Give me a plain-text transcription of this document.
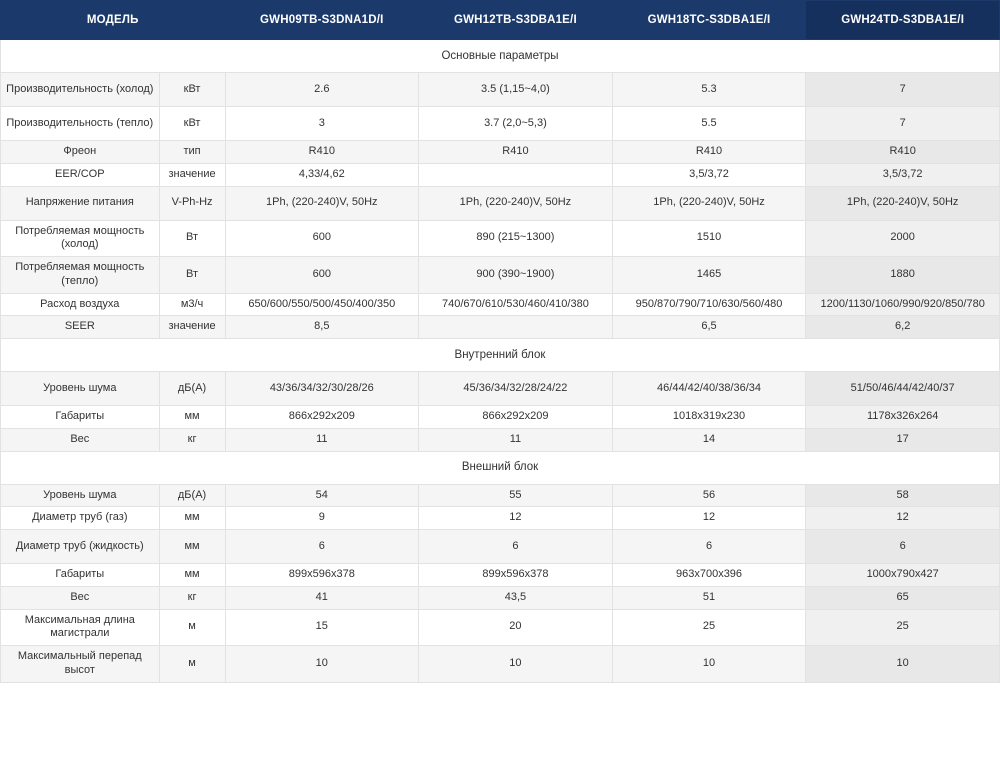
МОДЕЛЬ		GWH09TB-S3DNA1D/I	GWH12TB-S3DBA1E/I	GWH18TC-S3DBA1E/I	GWH24TD-S3DBA1E/I
Основные параметры					
Производительность (холод)	кВт	2.6	3.5 (1,15~4,0)	5.3	7
Производительность (тепло)	кВт	3	3.7 (2,0~5,3)	5.5	7
Фреон	тип	R410	R410	R410	R410
EER/COP	значение	4,33/4,62		3,5/3,72	3,5/3,72
Напряжение питания	V-Ph-Hz	1Ph, (220-240)V, 50Hz	1Ph, (220-240)V, 50Hz	1Ph, (220-240)V, 50Hz	1Ph, (220-240)V, 50Hz
Потребляемая мощность (холод)	Вт	600	890 (215~1300)	1510	2000
Потребляемая мощность (тепло)	Вт	600	900 (390~1900)	1465	1880
Расход воздуха	м3/ч	650/600/550/500/450/400/350	740/670/610/530/460/410/380	950/870/790/710/630/560/480	1200/1130/1060/990/920/850/780
SEER	значение	8,5		6,5	6,2
Внутренний блок					
Уровень шума	дБ(А)	43/36/34/32/30/28/26	45/36/34/32/28/24/22	46/44/42/40/38/36/34	51/50/46/44/42/40/37
Габариты	мм	866х292х209	866х292х209	1018х319х230	1178х326х264
Вес	кг	11	11	14	17
Внешний блок					
Уровень шума	дБ(А)	54	55	56	58
Диаметр труб (газ)	мм	9	12	12	12
Диаметр труб (жидкость)	мм	6	6	6	6
Габариты	мм	899х596х378	899х596х378	963х700х396	1000х790х427
Вес	кг	41	43,5	51	65
Максимальная длина магистрали	м	15	20	25	25
Максимальный перепад высот	м	10	10	10	10
